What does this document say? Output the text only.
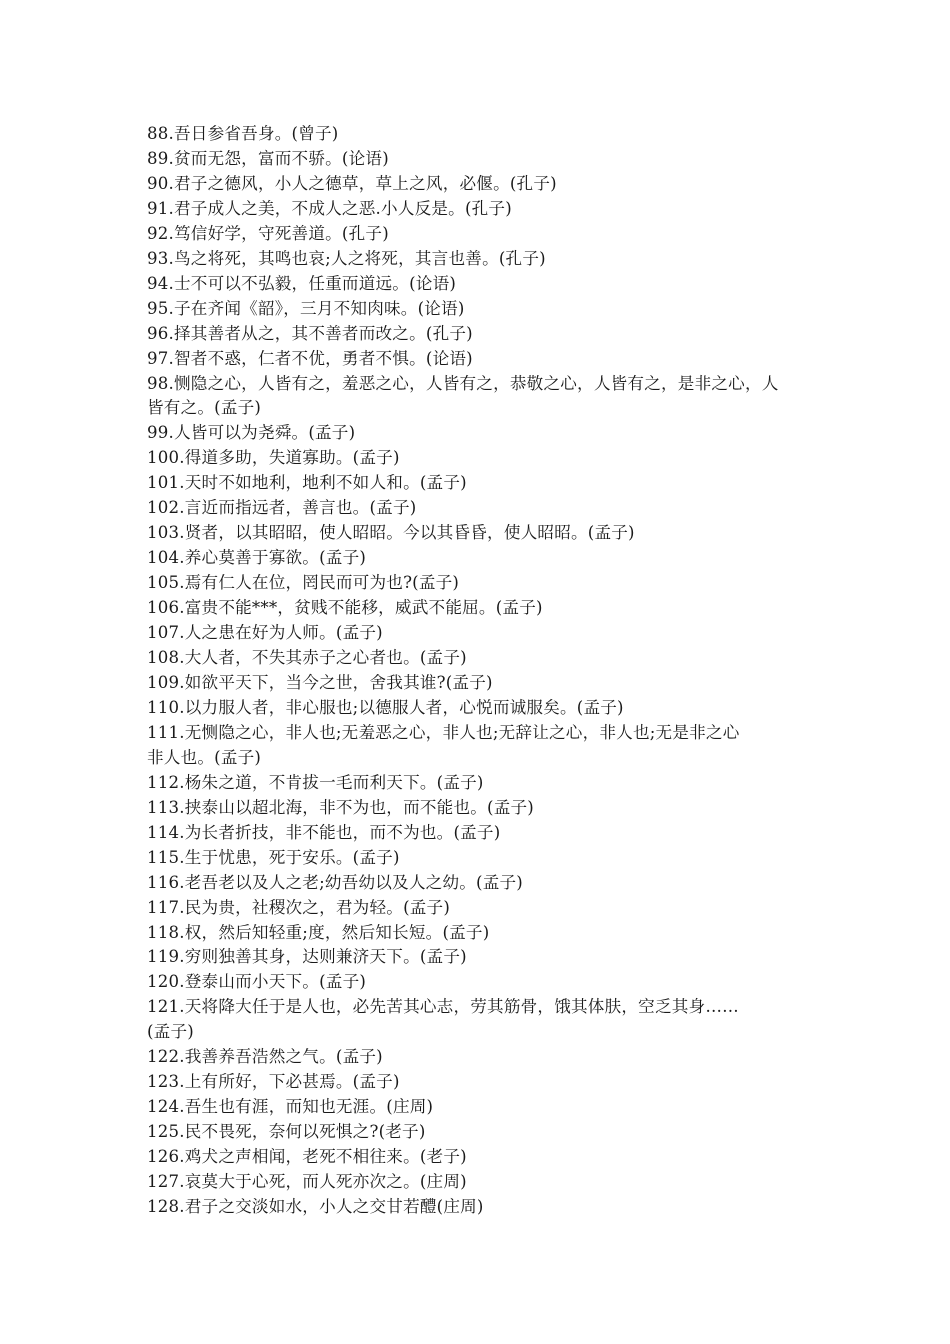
88.吾日参省吾身。(曾子)
89.贫而无怨，富而不骄。(论语)
90.君子之德风，小人之德草，草上之风，必偃。(孔子)
91.君子成人之美，不成人之恶.小人反是。(孔子)
92.笃信好学，守死善道。(孔子)
93.鸟之将死，其鸣也哀;人之将死，其言也善。(孔子)
94.士不可以不弘毅，任重而道远。(论语)
95.子在齐闻《韶》，三月不知肉味。(论语)
96.择其善者从之，其不善者而改之。(孔子)
97.智者不惑，仁者不优，勇者不惧。(论语)
98.恻隐之心，人皆有之，羞恶之心，人皆有之，恭敬之心，人皆有之，是非之心，人
皆有之。(孟子)
99.人皆可以为尧舜。(孟子)
100.得道多助，失道寡助。(孟子)
101.天时不如地利，地利不如人和。(孟子)
102.言近而指远者，善言也。(孟子)
103.贤者，以其昭昭，使人昭昭。今以其昏昏，使人昭昭。(孟子)
104.养心莫善于寡欲。(孟子)
105.焉有仁人在位，罔民而可为也?(孟子)
106.富贵不能***，贫贱不能移，威武不能屈。(孟子)
107.人之患在好为人师。(孟子)
108.大人者，不失其赤子之心者也。(孟子)
109.如欲平天下，当今之世，舍我其谁?(孟子)
110.以力服人者，非心服也;以德服人者，心悦而诚服矣。(孟子)
111.无恻隐之心，非人也;无羞恶之心，非人也;无辞让之心，非人也;无是非之心
非人也。(孟子)
112.杨朱之道，不肯拔一毛而利天下。(孟子)
113.挟泰山以超北海，非不为也，而不能也。(孟子)
114.为长者折技，非不能也，而不为也。(孟子)
115.生于忧患，死于安乐。(孟子)
116.老吾老以及人之老;幼吾幼以及人之幼。(孟子)
117.民为贵，社稷次之，君为轻。(孟子)
118.权，然后知轻重;度，然后知长短。(孟子)
119.穷则独善其身，达则兼济天下。(孟子)
120.登泰山而小天下。(孟子)
121.天将降大任于是人也，必先苦其心志，劳其筋骨，饿其体肤，空乏其身……
(孟子)
122.我善养吾浩然之气。(孟子)
123.上有所好，下必甚焉。(孟子)
124.吾生也有涯，而知也无涯。(庄周)
125.民不畏死，奈何以死惧之?(老子)
126.鸡犬之声相闻，老死不相往来。(老子)
127.哀莫大于心死，而人死亦次之。(庄周)
128.君子之交淡如水，小人之交甘若醴(庄周)
